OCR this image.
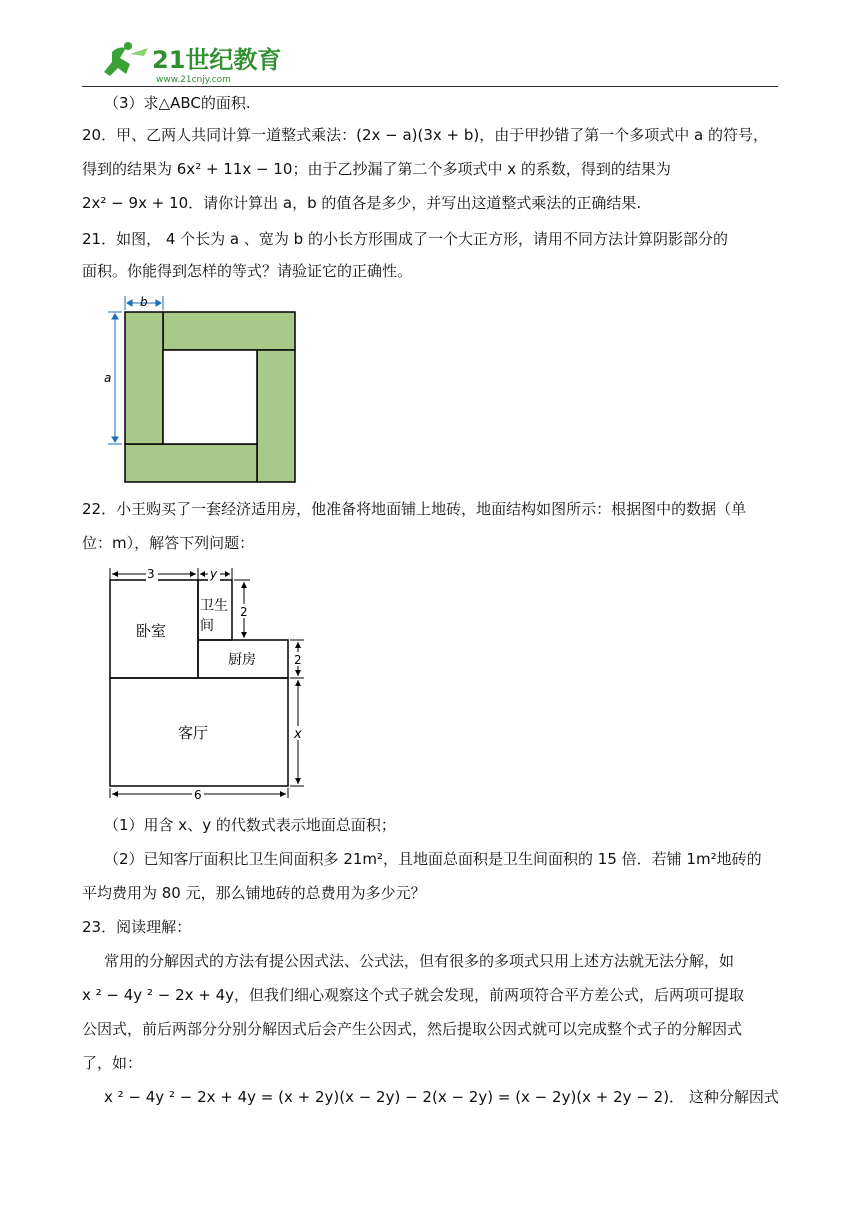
21世纪教育
www.21cnjy.com
（3）求△ABC的面积.
20．甲、乙两人共同计算一道整式乘法：(2x − a)(3x + b)，由于甲抄错了第一个多项式中 a 的符号，
得到的结果为 6x² + 11x − 10；由于乙抄漏了第二个多项式中 x 的系数，得到的结果为
2x² − 9x + 10．请你计算出 a，b 的值各是多少，并写出这道整式乘法的正确结果.
21．如图， 4 个长为 a 、宽为 b 的小长方形围成了一个大正方形，请用不同方法计算阴影部分的
面积。你能得到怎样的等式？请验证它的正确性。
b
a
22．小王购买了一套经济适用房，他准备将地面铺上地砖，地面结构如图所示：根据图中的数据（单
位：m），解答下列问题：
卧室
卫生
间
厨房
客厅
3	y
2
2
x
6
（1）用含 x、y 的代数式表示地面总面积；
（2）已知客厅面积比卫生间面积多 21m²，且地面总面积是卫生间面积的 15 倍．若铺 1m²地砖的
平均费用为 80 元，那么铺地砖的总费用为多少元？
23．阅读理解：
常用的分解因式的方法有提公因式法、公式法，但有很多的多项式只用上述方法就无法分解，如
x ² − 4y ² − 2x + 4y，但我们细心观察这个式子就会发现，前两项符合平方差公式，后两项可提取
公因式，前后两部分分别分解因式后会产生公因式，然后提取公因式就可以完成整个式子的分解因式
了，如：
x ² − 4y ² − 2x + 4y = (x + 2y)(x − 2y) − 2(x − 2y) = (x − 2y)(x + 2y − 2)． 这种分解因式
